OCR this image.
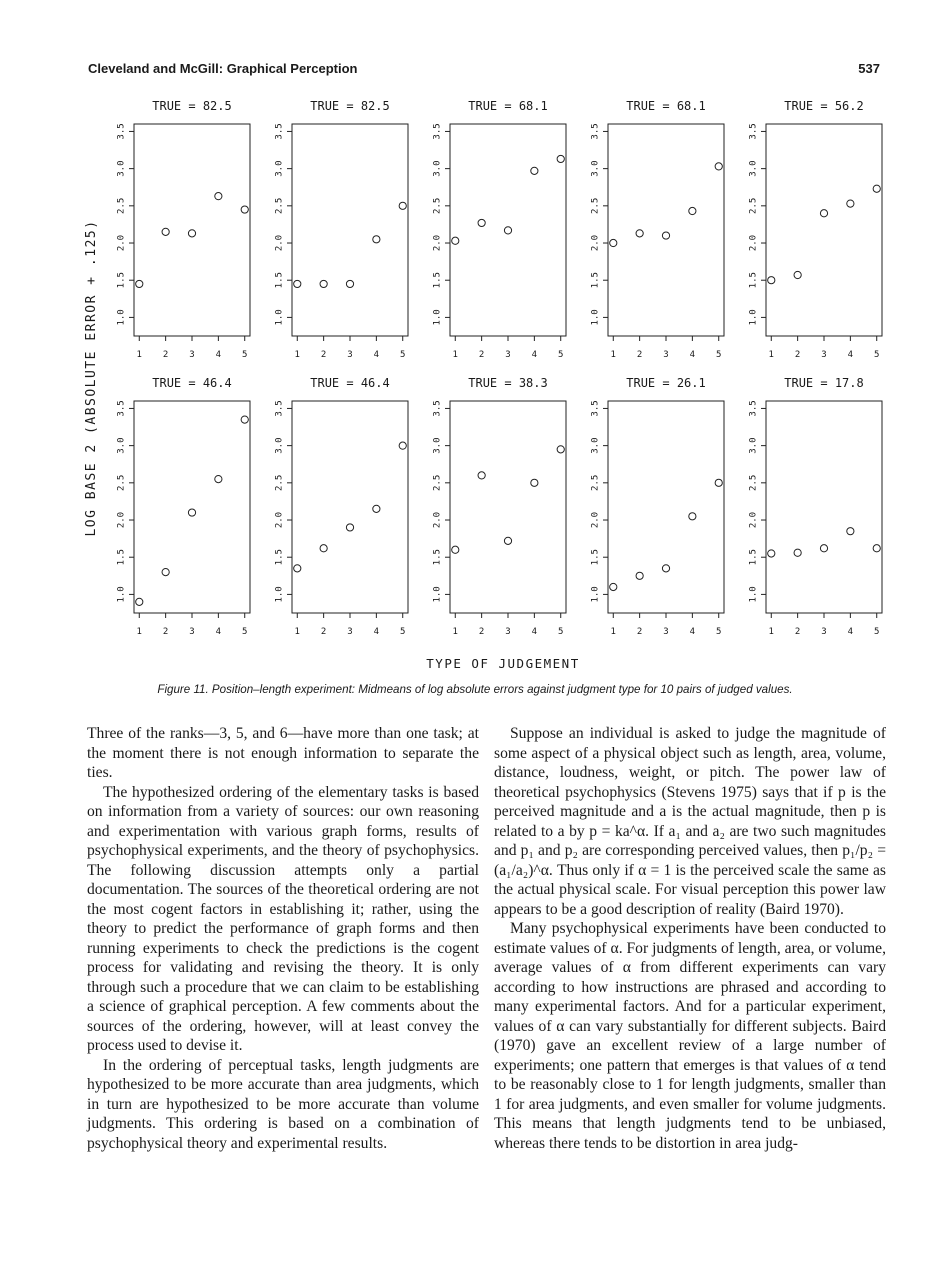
Cleveland and McGill: Graphical Perception	537
LOG BASE 2 (ABSOLUTE ERROR + .125)
TYPE OF JUDGEMENT
TRUE = 82.5
1 2 3 4 5
1.0
1.5
2.0
2.5
3.0
3.5
TRUE = 82.5
1 2 3 4 5
1.0
1.5
2.0
2.5
3.0
3.5
TRUE = 68.1
1 2 3 4 5
1.0
1.5
2.0
2.5
3.0
3.5
TRUE = 68.1
1 2 3 4 5
1.0
1.5
2.0
2.5
3.0
3.5
TRUE = 56.2
1 2 3 4 5
1.0
1.5
2.0
2.5
3.0
3.5
TRUE = 46.4
1 2 3 4 5
1.0
1.5
2.0
2.5
3.0
3.5
TRUE = 46.4
1 2 3 4 5
1.0
1.5
2.0
2.5
3.0
3.5
TRUE = 38.3
1 2 3 4 5
1.0
1.5
2.0
2.5
3.0
3.5
TRUE = 26.1
1 2 3 4 5
1.0
1.5
2.0
2.5
3.0
3.5
TRUE = 17.8
1 2 3 4 5
1.0
1.5
2.0
2.5
3.0
3.5
Figure 11. Position–length experiment: Midmeans of log absolute errors against judgment type for 10 pairs of judged values.

Three of the ranks—3, 5, and 6—have more than one task; at the moment there is not enough information to separate the ties.

The hypothesized ordering of the elementary tasks is based on information from a variety of sources: our own reasoning and experimentation with various graph forms, results of psychophysical experiments, and the theory of psychophysics. The following discussion attempts only a partial documentation. The sources of the theoretical ordering are not the most cogent factors in establishing it; rather, using the theory to predict the performance of graph forms and then running experiments to check the predictions is the cogent process for validating and revising the theory. It is only through such a procedure that we can claim to be establishing a science of graphical perception. A few comments about the sources of the ordering, however, will at least convey the process used to devise it.

In the ordering of perceptual tasks, length judgments are hypothesized to be more accurate than area judgments, which in turn are hypothesized to be more accurate than volume judgments. This ordering is based on a combination of psychophysical theory and experimental results.

Suppose an individual is asked to judge the magnitude of some aspect of a physical object such as length, area, volume, distance, loudness, weight, or pitch. The power law of theoretical psychophysics (Stevens 1975) says that if p is the perceived magnitude and a is the actual magnitude, then p is related to a by p = ka^α. If a₁ and a₂ are two such magnitudes and p₁ and p₂ are corresponding perceived values, then p₁/p₂ = (a₁/a₂)^α. Thus only if α = 1 is the perceived scale the same as the actual physical scale. For visual perception this power law appears to be a good description of reality (Baird 1970).

Many psychophysical experiments have been conducted to estimate values of α. For judgments of length, area, or volume, average values of α from different experiments can vary according to how instructions are phrased and according to many experimental factors. And for a particular experiment, values of α can vary substantially for different subjects. Baird (1970) gave an excellent review of a large number of experiments; one pattern that emerges is that values of α tend to be reasonably close to 1 for length judgments, smaller than 1 for area judgments, and even smaller for volume judgments. This means that length judgments tend to be unbiased, whereas there tends to be distortion in area judg-
